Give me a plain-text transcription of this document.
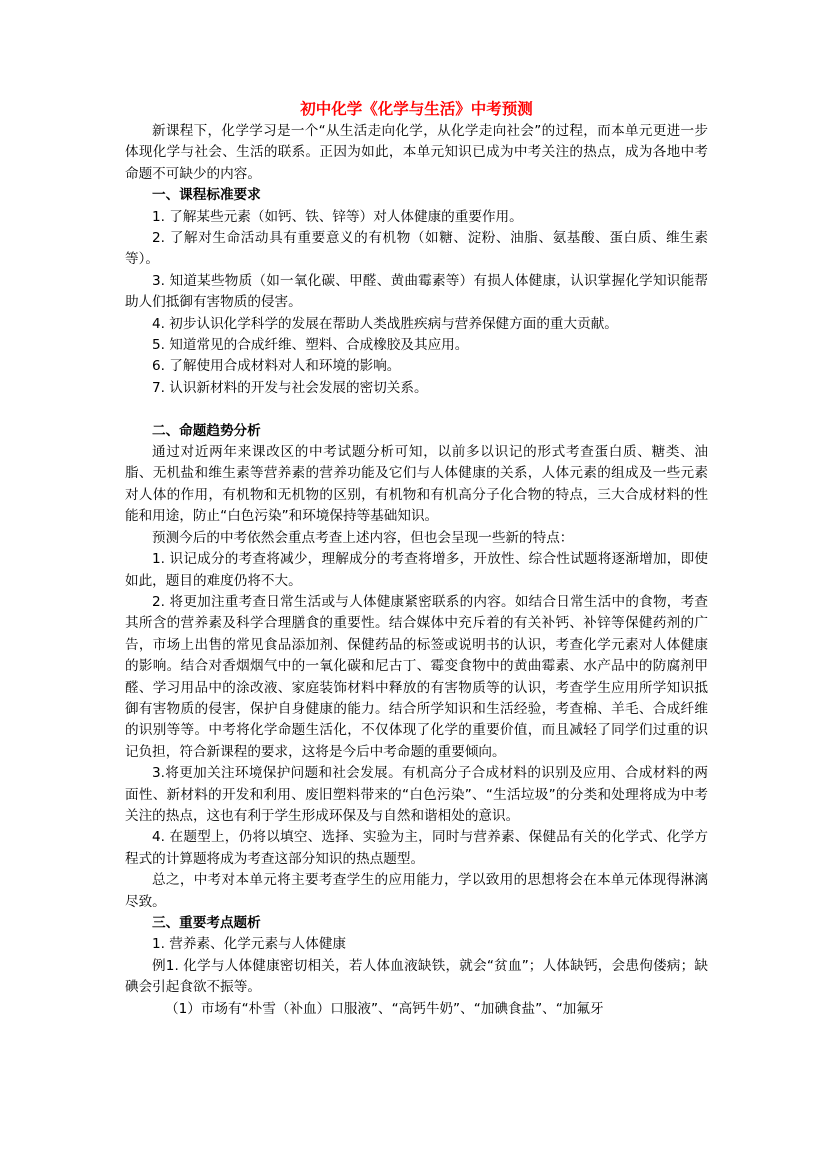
初中化学《化学与生活》中考预测

新课程下，化学学习是一个“从生活走向化学，从化学走向社会”的过程，而本单元更进一步体现化学与社会、生活的联系。正因为如此，本单元知识已成为中考关注的热点，成为各地中考命题不可缺少的内容。

一、课程标准要求

1. 了解某些元素（如钙、铁、锌等）对人体健康的重要作用。

2. 了解对生命活动具有重要意义的有机物（如糖、淀粉、油脂、氨基酸、蛋白质、维生素等）。

3. 知道某些物质（如一氧化碳、甲醛、黄曲霉素等）有损人体健康，认识掌握化学知识能帮助人们抵御有害物质的侵害。

4. 初步认识化学科学的发展在帮助人类战胜疾病与营养保健方面的重大贡献。

5. 知道常见的合成纤维、塑料、合成橡胶及其应用。

6. 了解使用合成材料对人和环境的影响。

7. 认识新材料的开发与社会发展的密切关系。

二、命题趋势分析

通过对近两年来课改区的中考试题分析可知，以前多以识记的形式考查蛋白质、糖类、油脂、无机盐和维生素等营养素的营养功能及它们与人体健康的关系，人体元素的组成及一些元素对人体的作用，有机物和无机物的区别，有机物和有机高分子化合物的特点，三大合成材料的性能和用途，防止“白色污染”和环境保持等基础知识。

预测今后的中考依然会重点考查上述内容，但也会呈现一些新的特点：

1. 识记成分的考查将减少，理解成分的考查将增多，开放性、综合性试题将逐渐增加，即使如此，题目的难度仍将不大。

2. 将更加注重考查日常生活或与人体健康紧密联系的内容。如结合日常生活中的食物，考查其所含的营养素及科学合理膳食的重要性。结合媒体中充斥着的有关补钙、补锌等保健药剂的广告，市场上出售的常见食品添加剂、保健药品的标签或说明书的认识，考查化学元素对人体健康的影响。结合对香烟烟气中的一氧化碳和尼古丁、霉变食物中的黄曲霉素、水产品中的防腐剂甲醛、学习用品中的涂改液、家庭装饰材料中释放的有害物质等的认识，考查学生应用所学知识抵御有害物质的侵害，保护自身健康的能力。结合所学知识和生活经验，考查棉、羊毛、合成纤维的识别等等。中考将化学命题生活化，不仅体现了化学的重要价值，而且减轻了同学们过重的识记负担，符合新课程的要求，这将是今后中考命题的重要倾向。

3.将更加关注环境保护问题和社会发展。有机高分子合成材料的识别及应用、合成材料的两面性、新材料的开发和利用、废旧塑料带来的“白色污染”、“生活垃圾”的分类和处理将成为中考关注的热点，这也有利于学生形成环保及与自然和谐相处的意识。

4. 在题型上，仍将以填空、选择、实验为主，同时与营养素、保健品有关的化学式、化学方程式的计算题将成为考查这部分知识的热点题型。

总之，中考对本单元将主要考查学生的应用能力，学以致用的思想将会在本单元体现得淋漓尽致。

三、重要考点题析

1. 营养素、化学元素与人体健康

例1. 化学与人体健康密切相关，若人体血液缺铁，就会“贫血”；人体缺钙，会患佝偻病；缺碘会引起食欲不振等。

（1）市场有“朴雪（补血）口服液”、“高钙牛奶”、“加碘食盐”、“加氟牙
